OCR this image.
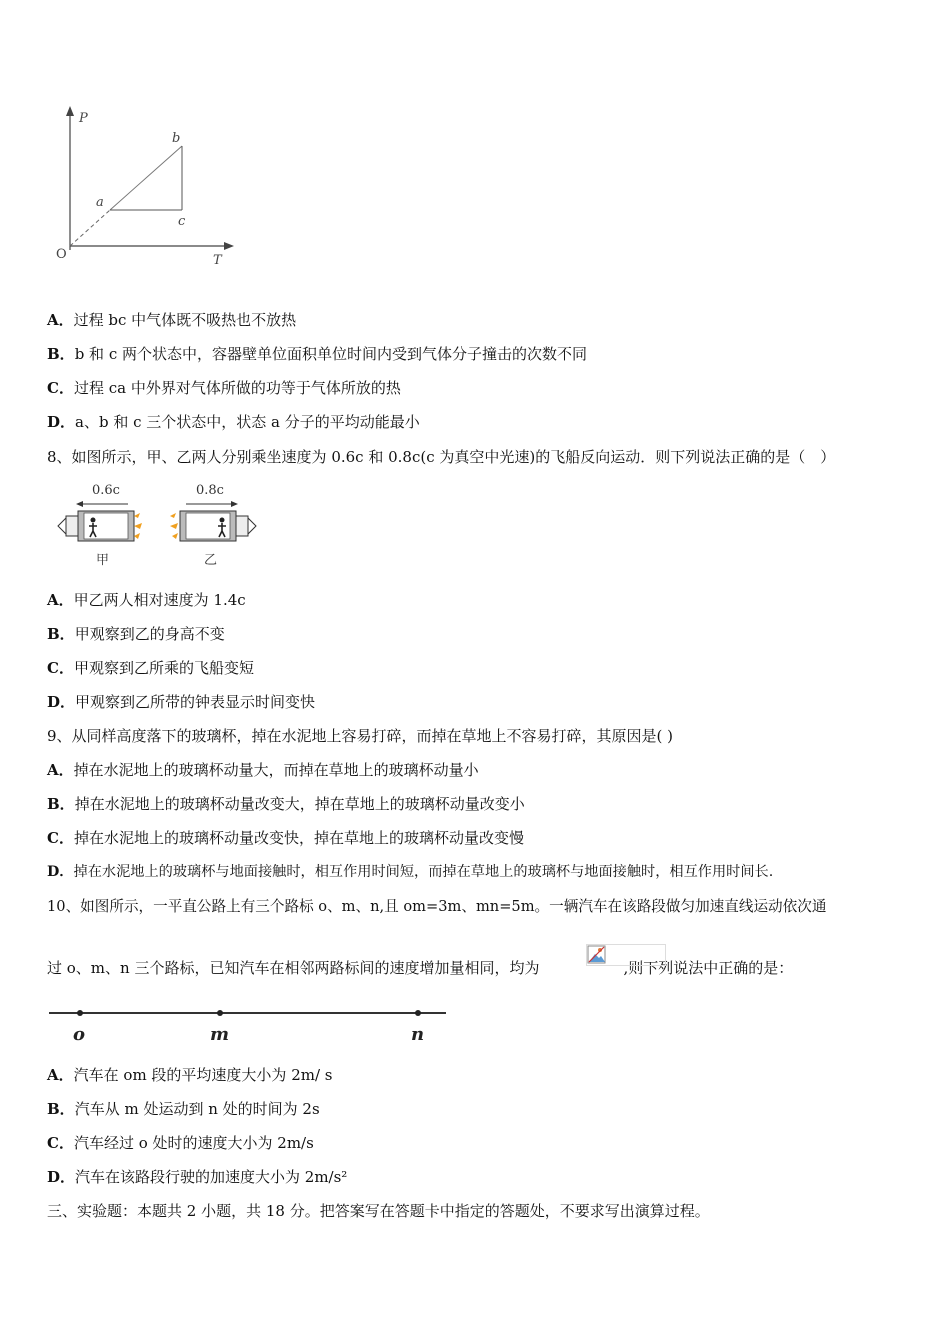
P
T
O
a
b
c
A．过程 bc 中气体既不吸热也不放热
B．b 和 c 两个状态中，容器壁单位面积单位时间内受到气体分子撞击的次数不同
C．过程 ca 中外界对气体所做的功等于气体所放的热
D．a、b 和 c 三个状态中，状态 a 分子的平均动能最小
8、如图所示，甲、乙两人分别乘坐速度为 0.6c 和 0.8c(c 为真空中光速)的飞船反向运动．则下列说法正确的是（　）
0.6c
甲
0.8c
乙
A．甲乙两人相对速度为 1.4c
B．甲观察到乙的身高不变
C．甲观察到乙所乘的飞船变短
D．甲观察到乙所带的钟表显示时间变快
9、从同样高度落下的玻璃杯，掉在水泥地上容易打碎，而掉在草地上不容易打碎，其原因是( )
A．掉在水泥地上的玻璃杯动量大，而掉在草地上的玻璃杯动量小
B．掉在水泥地上的玻璃杯动量改变大，掉在草地上的玻璃杯动量改变小
C．掉在水泥地上的玻璃杯动量改变快，掉在草地上的玻璃杯动量改变慢
D．掉在水泥地上的玻璃杯与地面接触时，相互作用时间短，而掉在草地上的玻璃杯与地面接触时，相互作用时间长.
10、如图所示，一平直公路上有三个路标 o、m、n,且 om=3m、mn=5m。一辆汽车在该路段做匀加速直线运动依次通
过 o、m、n 三个路标，已知汽车在相邻两路标间的速度增加量相同，均为	,则下列说法中正确的是：
o	m	n
A．汽车在 om 段的平均速度大小为 2m/ s
B．汽车从 m 处运动到 n 处的时间为 2s
C．汽车经过 o 处时的速度大小为 2m/s
D．汽车在该路段行驶的加速度大小为 2m/s²
三、实验题：本题共 2 小题，共 18 分。把答案写在答题卡中指定的答题处，不要求写出演算过程。
